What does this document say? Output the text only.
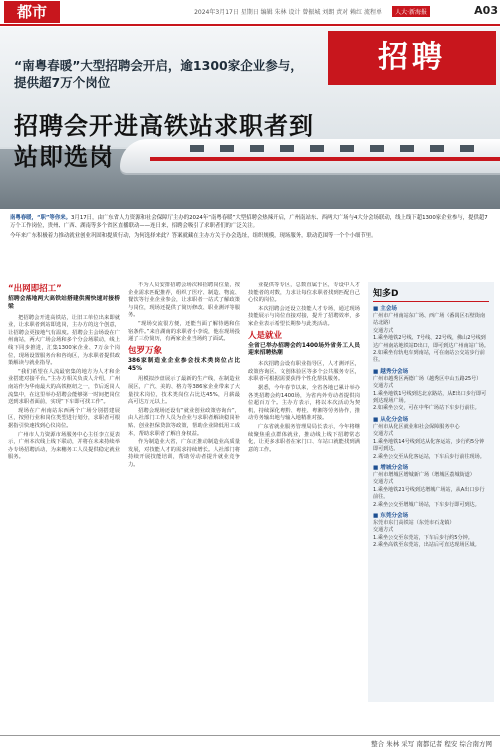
都市	人大·新海报
2024年3月17日 星期日 编辑 朱林 设计 曾振城 刘朗 责对 赖红 流程单	A03
招聘
“南粤春暖”大型招聘会开启，逾1300家企业参与，提供超7万个岗位
招聘会开进高铁站求职者到站即选岗

南粤春暖，“职”等你来。3月17日，由广东省人力资源和社会保障厅主办的2024年“南粤春暖”大型招聘会热辣开启，广州南站东、西两大广场与4大分会场联动，线上线下超1300家企业参与，提供超7万个工作岗位，贵州、广西、湖南等多个省区直播联动——连日来，招聘会吸引了求职者们的广泛关注。

今年来广东积极着力推动就业创业巩固和提质行动，为何选择来此？答案就藏在主办方关于办会选址，组织规模，现场服务，联动范围等一个个小细节里。

“出网即招工”
招聘会落地两大高铁站搭建供需快速对接桥梁

把招聘会开进高铁站，让旧工单位出来即就业，让求职者到站即选岗，主办方的这个创意，让招聘会更接地气有温度。招聘会主会场设在广州南站，两大广场会场和多个分会场联动，线上线下同步推进，汇集1300家企业、7万余个岗位，现场设置服务台和咨询区，为求职者提供政策解读与就业指导。

“我们希望在人流最密集的地方为人才和企业搭建对接平台。”主办方相关负责人介绍，广州南站作为华南最大的高铁枢纽之一，节后返岗人流集中，在这里举办招聘会能够第一时间把岗位送到求职者面前，实现“下车即可找工作”。

现场在广州南站东西两个广场分别搭建展区，按照行业和岗位类型进行划分，求职者可根据指引快速找到心仪岗位。

广州市人力资源市场服务中心主任李立夏表示，广州本次线上线下联动，并将在未来持续举办专场招聘活动，为来穗务工人员提供稳定就业服务。

不为人员安排招聘会场次和招聘岗位量，按企业需求匹配推荐，组织了医疗、制造、物流、餐饮等行业企业参会，让求职者一站式了解政策与岗位，现场还提供了简历修改、职业测评等服务。

“现场交流很方便，还能当面了解待遇和住宿条件。”来自湖南的求职者小李说，他在现场投递了三份简历，有两家企业当场约了面试。

包罗万象
386家制造业企业参会技术类岗位占比45%

用模拟沙盘展示了最新的生产线，在制造业展区，广汽、美的、格力等386家企业带来了大量技术岗位，技术类岗位占比达45%，月薪最高可达万元以上。

招聘会现场还设有“就业创业政策咨询台”，由人社部门工作人员为企业与求职者解读稳岗补贴、创业担保贷款等政策，帮助企业降低用工成本，帮助求职者了解自身权益。

作为制造业大省，广东正推动制造业高质量发展，对技能人才的需求持续增长。人社部门将持续开展技能培训，帮助劳动者提升就业竞争力。

业提供等专区，总数直属于区，专设中人才技能者的对数，力求让每位求职者找到匹配自己心仪的岗位。

本次招聘会还设立技能人才专场，通过现场技能展示与岗位直接对接，提升了招聘效率，多家企业表示希望长期参与此类活动。

人是就业
全省已举办招聘会约1400场外省务工人员迎来招聘热潮

本次招聘会设有职业指导区，人才测评区，政策咨询区、文创体验区等多个公共服务专区，求职者可根据需要获得个性化帮扶服务。

据悉，今年春节以来，全省各地已累计举办各类招聘会约1400场，为省内外劳动者提供岗位超百万个。主办方表示，将以本次活动为契机，持续深化粤黔、粤桂、粤湘等劳务协作，推动劳务输出地与输入地精准对接。

广东省就业服务管理局局长表示，今年将继续聚焦重点群体就业，推动线上线下招聘常态化，让更多求职者在家门口、车站口就能找到满意的工作。

知多D
■ 主会场
广州市广州南站东广场、西广场（番禺区石壁街南站北路）
交通方式
1.乘坐地铁2号线、7号线、22号线，佛山2号线到达广州南站地铁站D出口，即可到达广州南站广场。
2.如乘坐有轨电车到南站，可在南站公交站步行前往。
■ 越秀分会场
广州市越秀区两德广场（越秀区中山五路25号）
交通方式
1.乘坐地铁1号线到达北京路站，从E出口步行即可到达现场广场。
2.如乘坐公交，可在中华广场站下车步行前往。
■ 从化分会场
广州市从化区就业和社会保障服务中心
交通方式
1.乘坐地铁14号线到达从化客运站，步行约5分钟即可到达。
2.乘坐公交至从化客运站，下车后步行前往现场。
■ 增城分会场
广州市增城区增城新广场（增城区荔城街道）
交通方式
1.乘坐地铁21号线到达增城广场站，从A出口步行前往。
2.乘坐公交至增城广场站，下车步行即可到达。
■ 东莞分会场
东莞市东门高铁站（东莞市石龙镇）
交通方式
1.乘坐公交至东莞站，下车后步行约5分钟。
2.乘坐高铁至东莞站，出站后可直达现场区域。
整合 朱林 采写 南都记者 程安 综合南方网
